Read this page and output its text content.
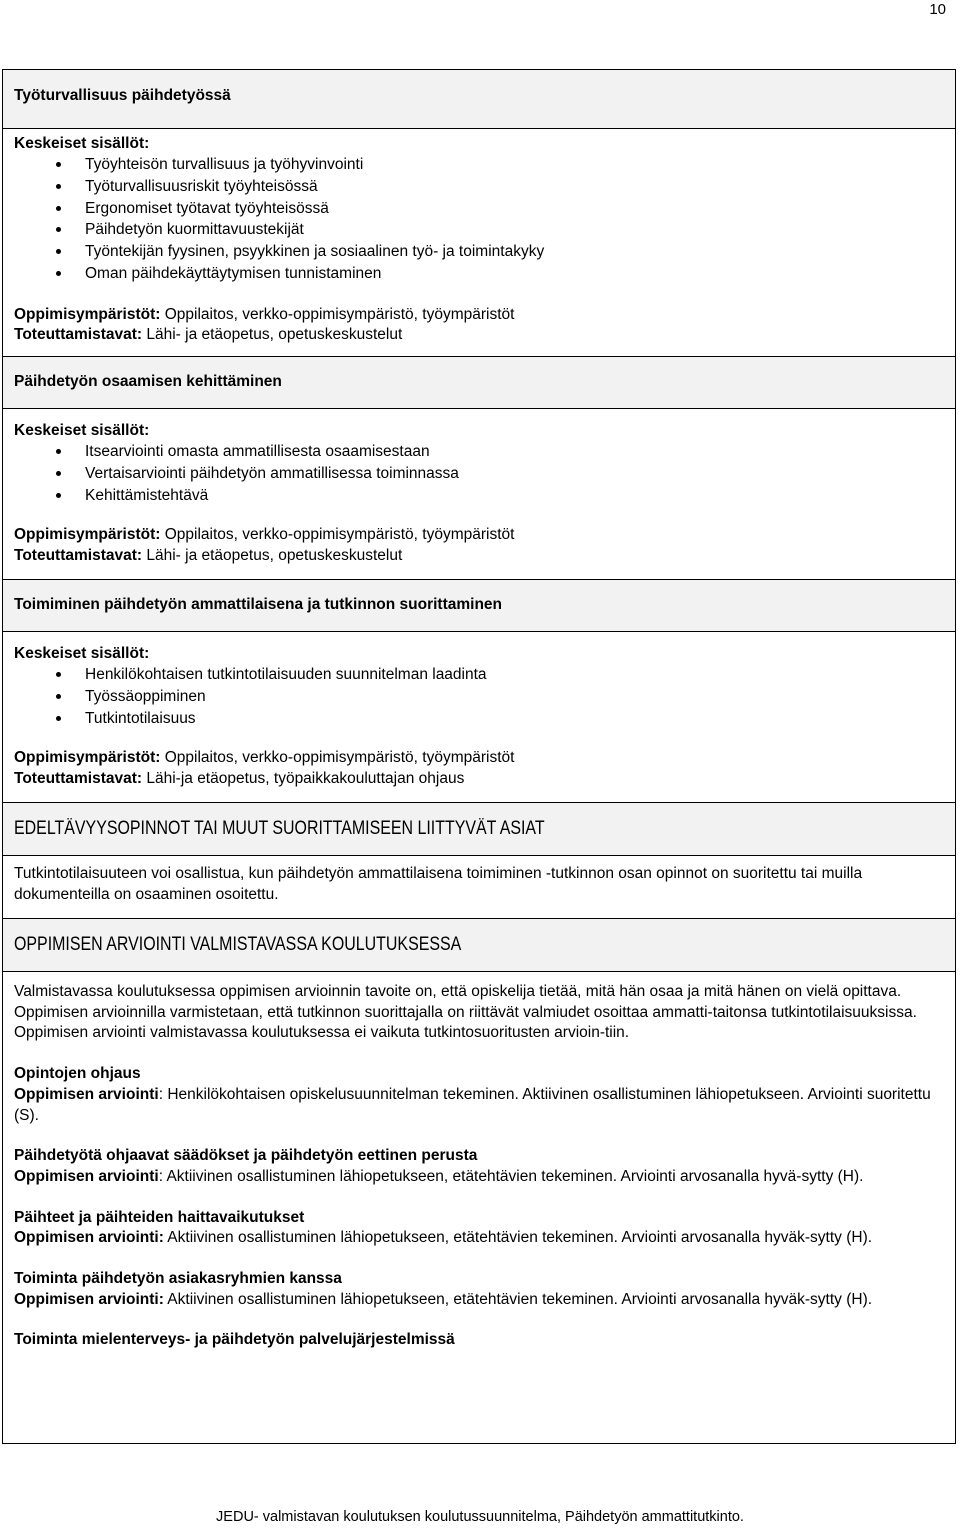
10
Työturvallisuus päihdetyössä
Keskeiset sisällöt:
Työyhteisön turvallisuus ja työhyvinvointi
Työturvallisuusriskit työyhteisössä
Ergonomiset työtavat työyhteisössä
Päihdetyön kuormittavuustekijät
Työntekijän fyysinen, psyykkinen ja sosiaalinen työ- ja toimintakyky
Oman päihdekäyttäytymisen tunnistaminen
Oppimisympäristöt: Oppilaitos, verkko-oppimisympäristö, työympäristöt
Toteuttamistavat: Lähi- ja etäopetus, opetuskeskustelut
Päihdetyön osaamisen kehittäminen
Keskeiset sisällöt:
Itsearviointi omasta ammatillisesta osaamisestaan
Vertaisarviointi päihdetyön ammatillisessa toiminnassa
Kehittämistehtävä
Oppimisympäristöt: Oppilaitos, verkko-oppimisympäristö, työympäristöt
Toteuttamistavat: Lähi- ja etäopetus, opetuskeskustelut
Toimiminen päihdetyön ammattilaisena ja tutkinnon suorittaminen
Keskeiset sisällöt:
Henkilökohtaisen tutkintotilaisuuden suunnitelman laadinta
Työssäoppiminen
Tutkintotilaisuus
Oppimisympäristöt: Oppilaitos, verkko-oppimisympäristö, työympäristöt
Toteuttamistavat: Lähi-ja etäopetus, työpaikkakouluttajan ohjaus
EDELTÄVYYSOPINNOT TAI MUUT SUORITTAMISEEN LIITTYVÄT ASIAT
Tutkintotilaisuuteen voi osallistua, kun päihdetyön ammattilaisena toimiminen -tutkinnon osan opinnot on suoritettu tai muilla dokumenteilla on osaaminen osoitettu.
OPPIMISEN ARVIOINTI VALMISTAVASSA KOULUTUKSESSA
Valmistavassa koulutuksessa oppimisen arvioinnin tavoite on, että opiskelija tietää, mitä hän osaa ja mitä hänen on vielä opittava. Oppimisen arvioinnilla varmistetaan, että tutkinnon suorittajalla on riittävät valmiudet osoittaa ammatti-taitonsa tutkintotilaisuuksissa. Oppimisen arviointi valmistavassa koulutuksessa ei vaikuta tutkintosuoritusten arvioin-tiin.
Opintojen ohjaus
Oppimisen arviointi: Henkilökohtaisen opiskelusuunnitelman tekeminen. Aktiivinen osallistuminen lähiopetukseen. Arviointi suoritettu (S).
Päihdetyötä ohjaavat säädökset ja päihdetyön eettinen perusta
Oppimisen arviointi: Aktiivinen osallistuminen lähiopetukseen, etätehtävien tekeminen. Arviointi arvosanalla hyvä-sytty (H).
Päihteet ja päihteiden haittavaikutukset
Oppimisen arviointi: Aktiivinen osallistuminen lähiopetukseen, etätehtävien tekeminen. Arviointi arvosanalla hyväk-sytty (H).
Toiminta päihdetyön asiakasryhmien kanssa
Oppimisen arviointi: Aktiivinen osallistuminen lähiopetukseen, etätehtävien tekeminen. Arviointi arvosanalla hyväk-sytty (H).
Toiminta mielenterveys- ja päihdetyön palvelujärjestelmissä
JEDU- valmistavan koulutuksen koulutussuunnitelma, Päihdetyön ammattitutkinto.
